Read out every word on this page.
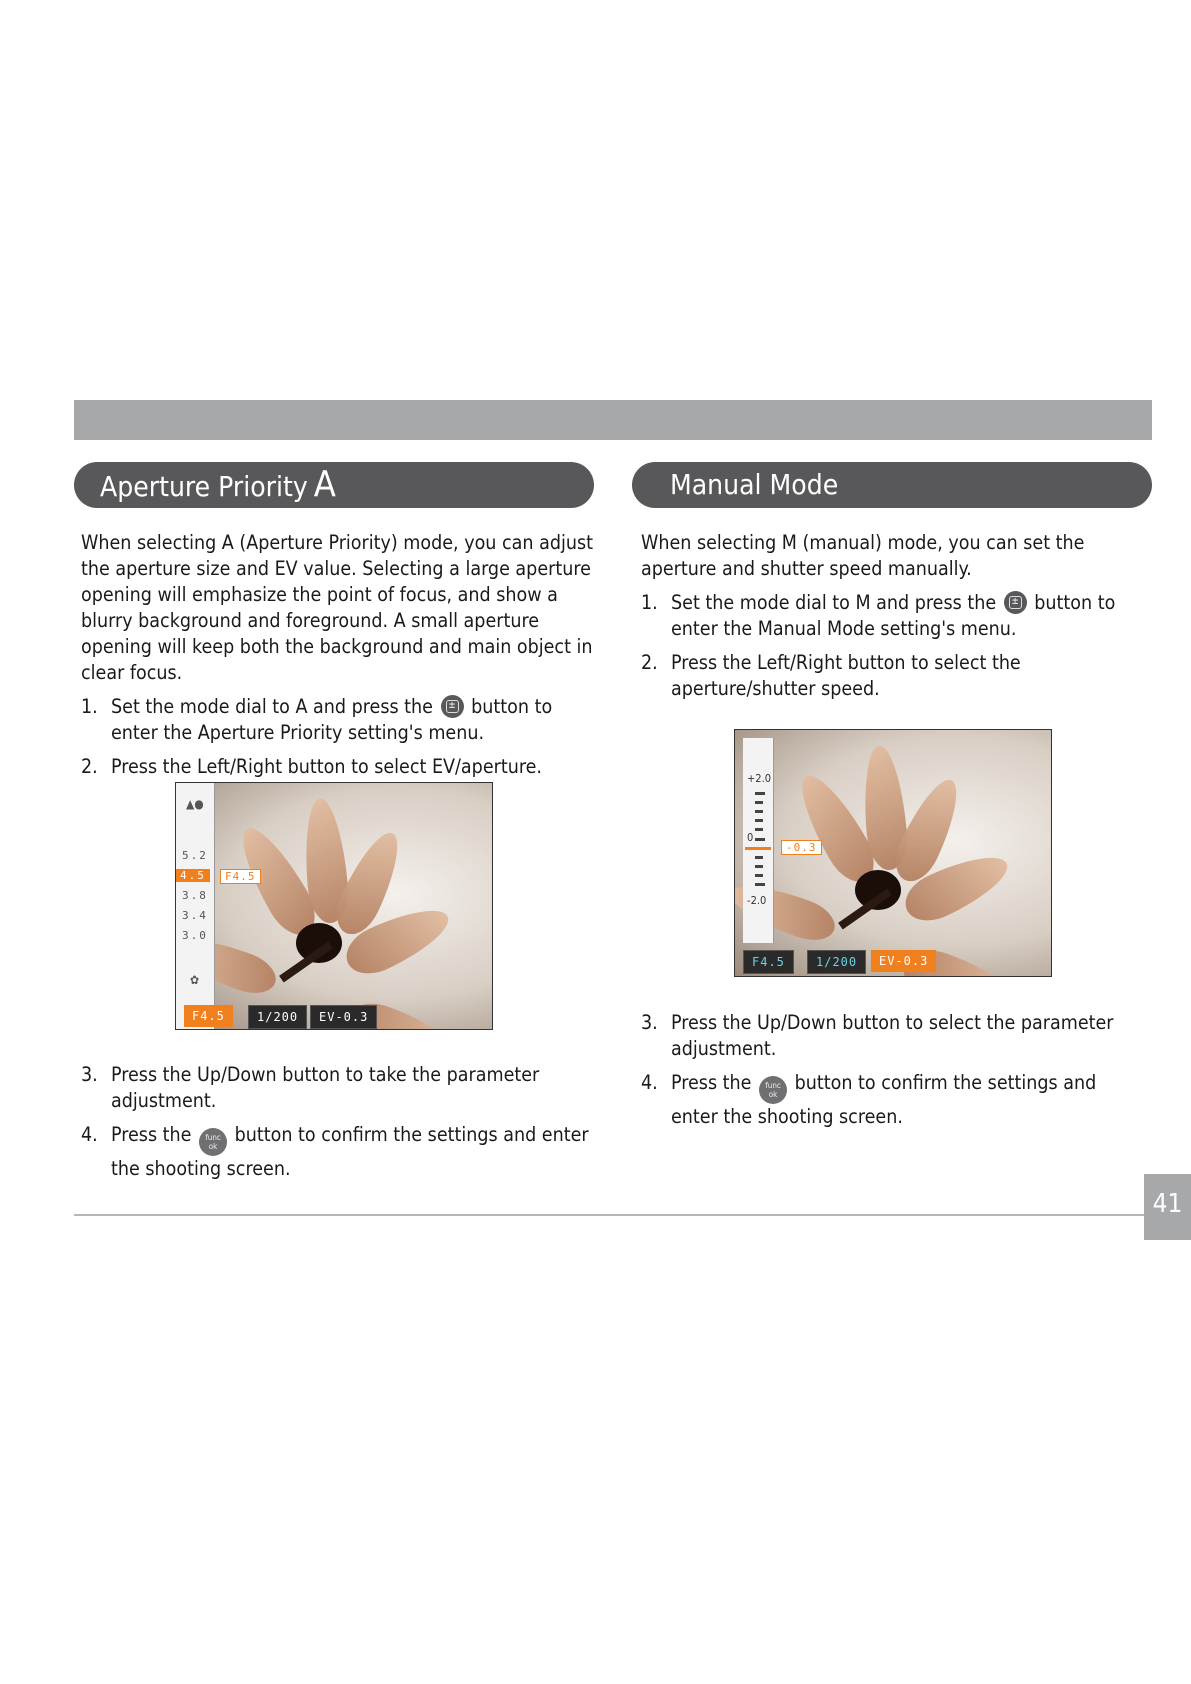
Aperture Priority A

When selecting A (Aperture Priority) mode, you can adjust the aperture size and EV value. Selecting a large aperture opening will emphasize the point of focus, and show a blurry background and foreground. A small aperture opening will keep both the background and main object in clear focus.

1. Set the mode dial to A and press the ± button to enter the Aperture Priority setting's menu.
2. Press the Left/Right button to select EV/aperture.
▲●
5.2
4.5
3.8
3.4
3.0
✿
F4.5
F4.5	1/200	EV-0.3
3. Press the Up/Down button to take the parameter adjustment.
4. Press the func
ok button to confirm the settings and enter the shooting screen.
Manual Mode

When selecting M (manual) mode, you can set the aperture and shutter speed manually.

1. Set the mode dial to M and press the ± button to enter the Manual Mode setting's menu.
2. Press the Left/Right button to select the aperture/shutter speed.
+2.0
0
-2.0
-0.3
F4.5	1/200	EV-0.3
3. Press the Up/Down button to select the parameter adjustment.
4. Press the func
ok button to confirm the settings and enter the shooting screen.
41
